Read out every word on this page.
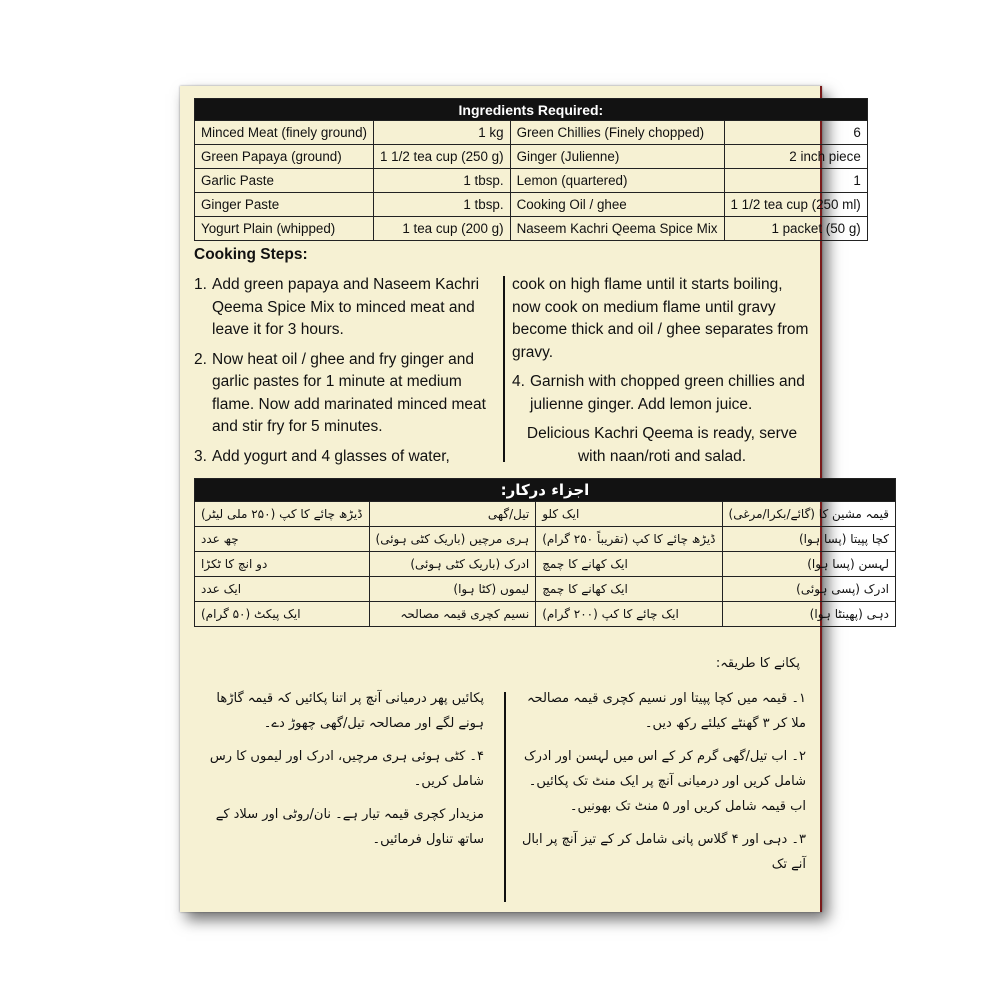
Ingredients Required:			
Minced Meat (finely ground)	1 kg	Green Chillies (Finely chopped)	6
Green Papaya (ground)	1 1/2 tea cup (250 g)	Ginger (Julienne)	2 inch piece
Garlic Paste	1 tbsp.	Lemon (quartered)	1
Ginger Paste	1 tbsp.	Cooking Oil / ghee	1 1/2 tea cup (250 ml)
Yogurt Plain (whipped)	1 tea cup (200 g)	Naseem Kachri Qeema Spice Mix	1 packet (50 g)
Cooking Steps:
1. Add green papaya and Naseem Kachri Qeema Spice Mix to minced meat and leave it for 3 hours.
2. Now heat oil / ghee and fry ginger and garlic pastes for 1 minute at medium flame. Now add marinated minced meat and stir fry for 5 minutes.
3. Add yogurt and 4 glasses of water,
cook on high flame until it starts boiling, now cook on medium flame until gravy become thick and oil / ghee separates from gravy.
4. Garnish with chopped green chillies and julienne ginger. Add lemon juice.
Delicious Kachri Qeema is ready, serve with naan/roti and salad.
اجزاء درکار:			
قیمہ مشین کا (گائے/بکرا/مرغی)	ایک کلو	تیل/گھی	ڈیڑھ چائے کا کپ (۲۵۰ ملی لیٹر)
کچا پپیتا (پسا ہوا)	ڈیڑھ چائے کا کپ (تقریباً ۲۵۰ گرام)	ہری مرچیں (باریک کٹی ہوئی)	چھ عدد
لہسن (پسا ہوا)	ایک کھانے کا چمچ	ادرک (باریک کٹی ہوئی)	دو انچ کا ٹکڑا
ادرک (پسی ہوئی)	ایک کھانے کا چمچ	لیموں (کٹا ہوا)	ایک عدد
دہی (پھینٹا ہوا)	ایک چائے کا کپ (۲۰۰ گرام)	نسیم کچری قیمہ مصالحہ	ایک پیکٹ (۵۰ گرام)
پکانے کا طریقہ:
۱۔ قیمہ میں کچا پپیتا اور نسیم کچری قیمہ مصالحہ ملا کر ۳ گھنٹے کیلئے رکھ دیں۔
۲۔ اب تیل/گھی گرم کر کے اس میں لہسن اور ادرک شامل کریں اور درمیانی آنچ پر ایک منٹ تک پکائیں۔ اب قیمہ شامل کریں اور ۵ منٹ تک بھونیں۔
۳۔ دہی اور ۴ گلاس پانی شامل کر کے تیز آنچ پر ابال آنے تک
پکائیں پھر درمیانی آنچ پر اتنا پکائیں کہ قیمہ گاڑھا ہونے لگے اور مصالحہ تیل/گھی چھوڑ دے۔
۴۔ کٹی ہوئی ہری مرچیں، ادرک اور لیموں کا رس شامل کریں۔
مزیدار کچری قیمہ تیار ہے۔ نان/روٹی اور سلاد کے ساتھ تناول فرمائیں۔
